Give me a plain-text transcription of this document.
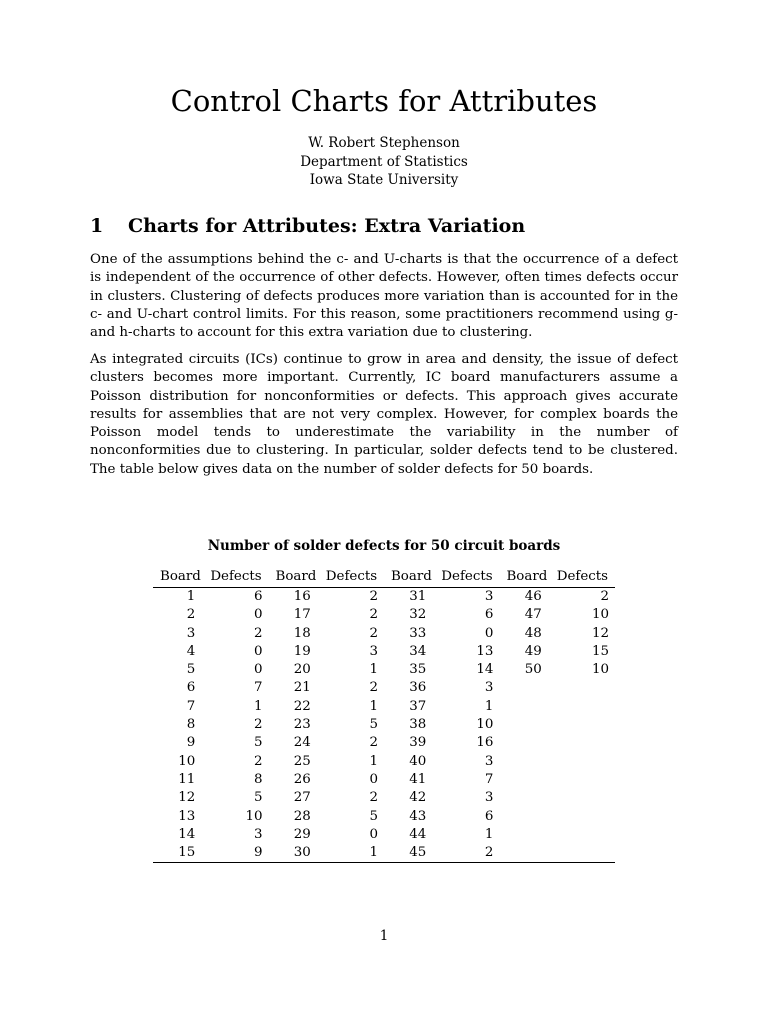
Control Charts for Attributes
W. Robert Stephenson
Department of Statistics
Iowa State University
1 Charts for Attributes: Extra Variation

One of the assumptions behind the c- and U-charts is that the occurrence of a defect is independent of the occurrence of other defects. However, often times defects occur in clusters. Clustering of defects produces more variation than is accounted for in the c- and U-chart control limits. For this reason, some practitioners recommend using g- and h-charts to account for this extra variation due to clustering.

As integrated circuits (ICs) continue to grow in area and density, the issue of defect clusters becomes more important. Currently, IC board manufacturers assume a Poisson distribution for nonconformities or defects. This approach gives accurate results for assemblies that are not very complex. However, for complex boards the Poisson model tends to underestimate the variability in the number of nonconformities due to clustering. In particular, solder defects tend to be clustered. The table below gives data on the number of solder defects for 50 boards.

Number of solder defects for 50 circuit boards
Board	Defects	Board	Defects	Board	Defects	Board	Defects
1	6	16	2	31	3	46	2
2	0	17	2	32	6	47	10
3	2	18	2	33	0	48	12
4	0	19	3	34	13	49	15
5	0	20	1	35	14	50	10
6	7	21	2	36	3		
7	1	22	1	37	1		
8	2	23	5	38	10		
9	5	24	2	39	16		
10	2	25	1	40	3		
11	8	26	0	41	7		
12	5	27	2	42	3		
13	10	28	5	43	6		
14	3	29	0	44	1		
15	9	30	1	45	2		
1
